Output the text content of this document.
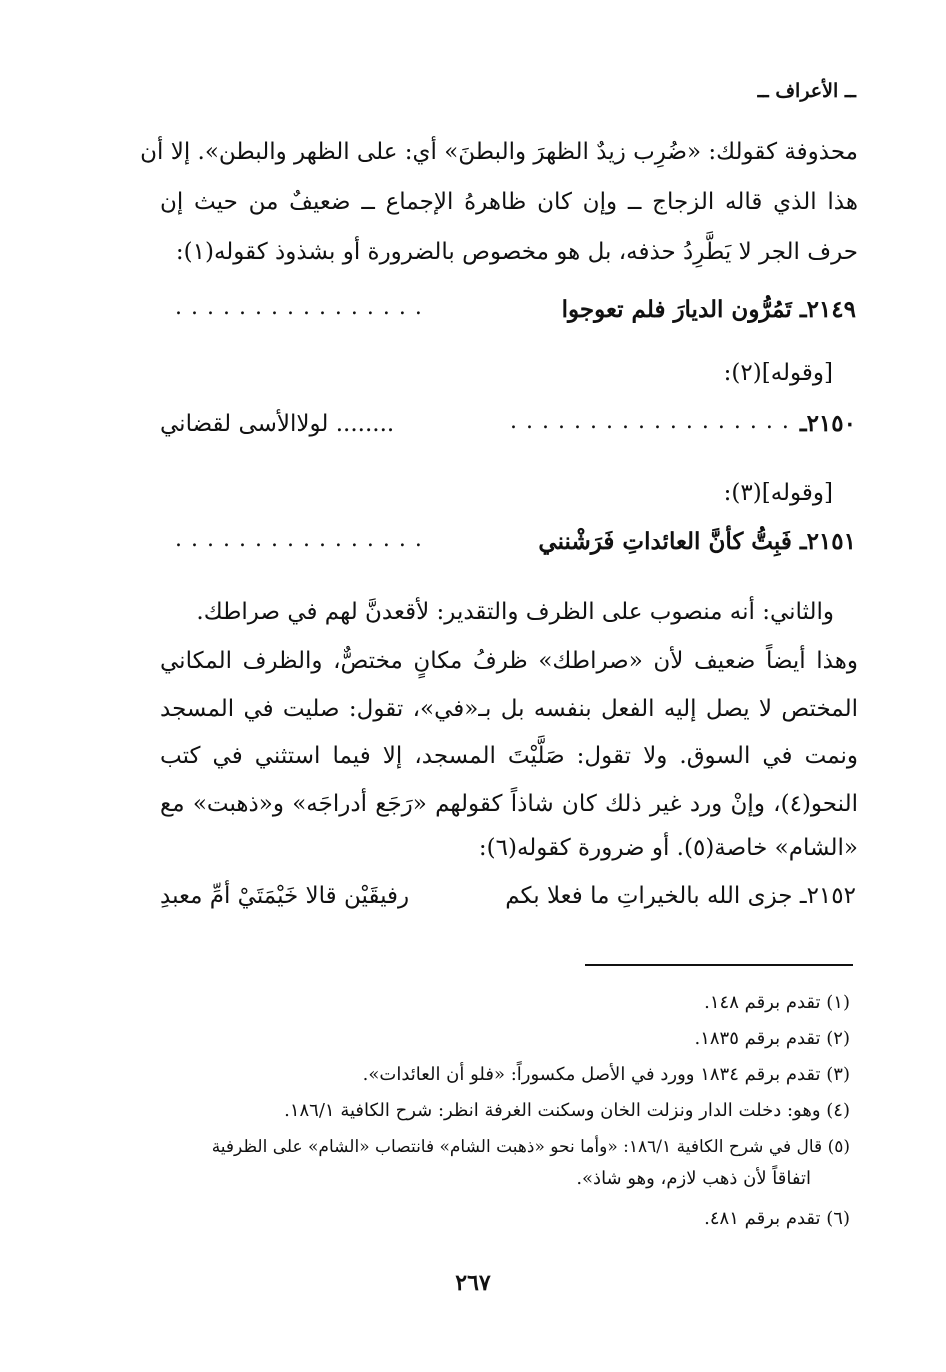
ــ الأعراف ــ
محذوفة كقولك: «ضُرِب زيدٌ الظهرَ والبطنَ» أي: على الظهر والبطن». إلا أن
هذا الذي قاله الزجاج ــ وإن كان ظاهرهُ الإجماع ــ ضعيفٌ من حيث إن
حرف الجر لا يَطَّرِدُ حذفه، بل هو مخصوص بالضرورة أو بشذوذ كقوله(١):
٢١٤٩ـ تَمُرُّون الديارَ فلم تعوجوا
................
[وقوله](٢):
٢١٥٠ـ
..................
........ لولاالأسى لقضاني
[وقوله](٣):
٢١٥١ـ فَبِتُّ كأنَّ العائداتِ فَرَشْنني
................
والثاني: أنه منصوب على الظرف والتقدير: لأقعدنَّ لهم في صراطك.
وهذا أيضاً ضعيف لأن «صراطك» ظرفُ مكانٍ مختصٌّ، والظرف المكاني
المختص لا يصل إليه الفعل بنفسه بل بـ«في»، تقول: صليت في المسجد
ونمت في السوق. ولا تقول: صَلَّيْتَ المسجد، إلا فيما استثني في كتب
النحو(٤)، وإنْ ورد غير ذلك كان شاذاً كقولهم «رَجَع أدراجَه» و«ذهبت» مع
«الشام» خاصة(٥). أو ضرورة كقوله(٦):
٢١٥٢ـ جزى الله بالخيراتِ ما فعلا بكم
رفيقَيْن قالا خَيْمَتَيْ أمِّ معبدِ
(١) تقدم برقم ١٤٨.
(٢) تقدم برقم ١٨٣٥.
(٣) تقدم برقم ١٨٣٤ وورد في الأصل مكسوراً: «فلو أن العائدات».
(٤) وهو: دخلت الدار ونزلت الخان وسكنت الغرفة انظر: شرح الكافية ١٨٦/١.
(٥) قال في شرح الكافية ١٨٦/١: «وأما نحو «ذهبت الشام» فانتصاب «الشام» على الظرفية
اتفاقاً لأن ذهب لازم، وهو شاذ».
(٦) تقدم برقم ٤٨١.
٢٦٧
